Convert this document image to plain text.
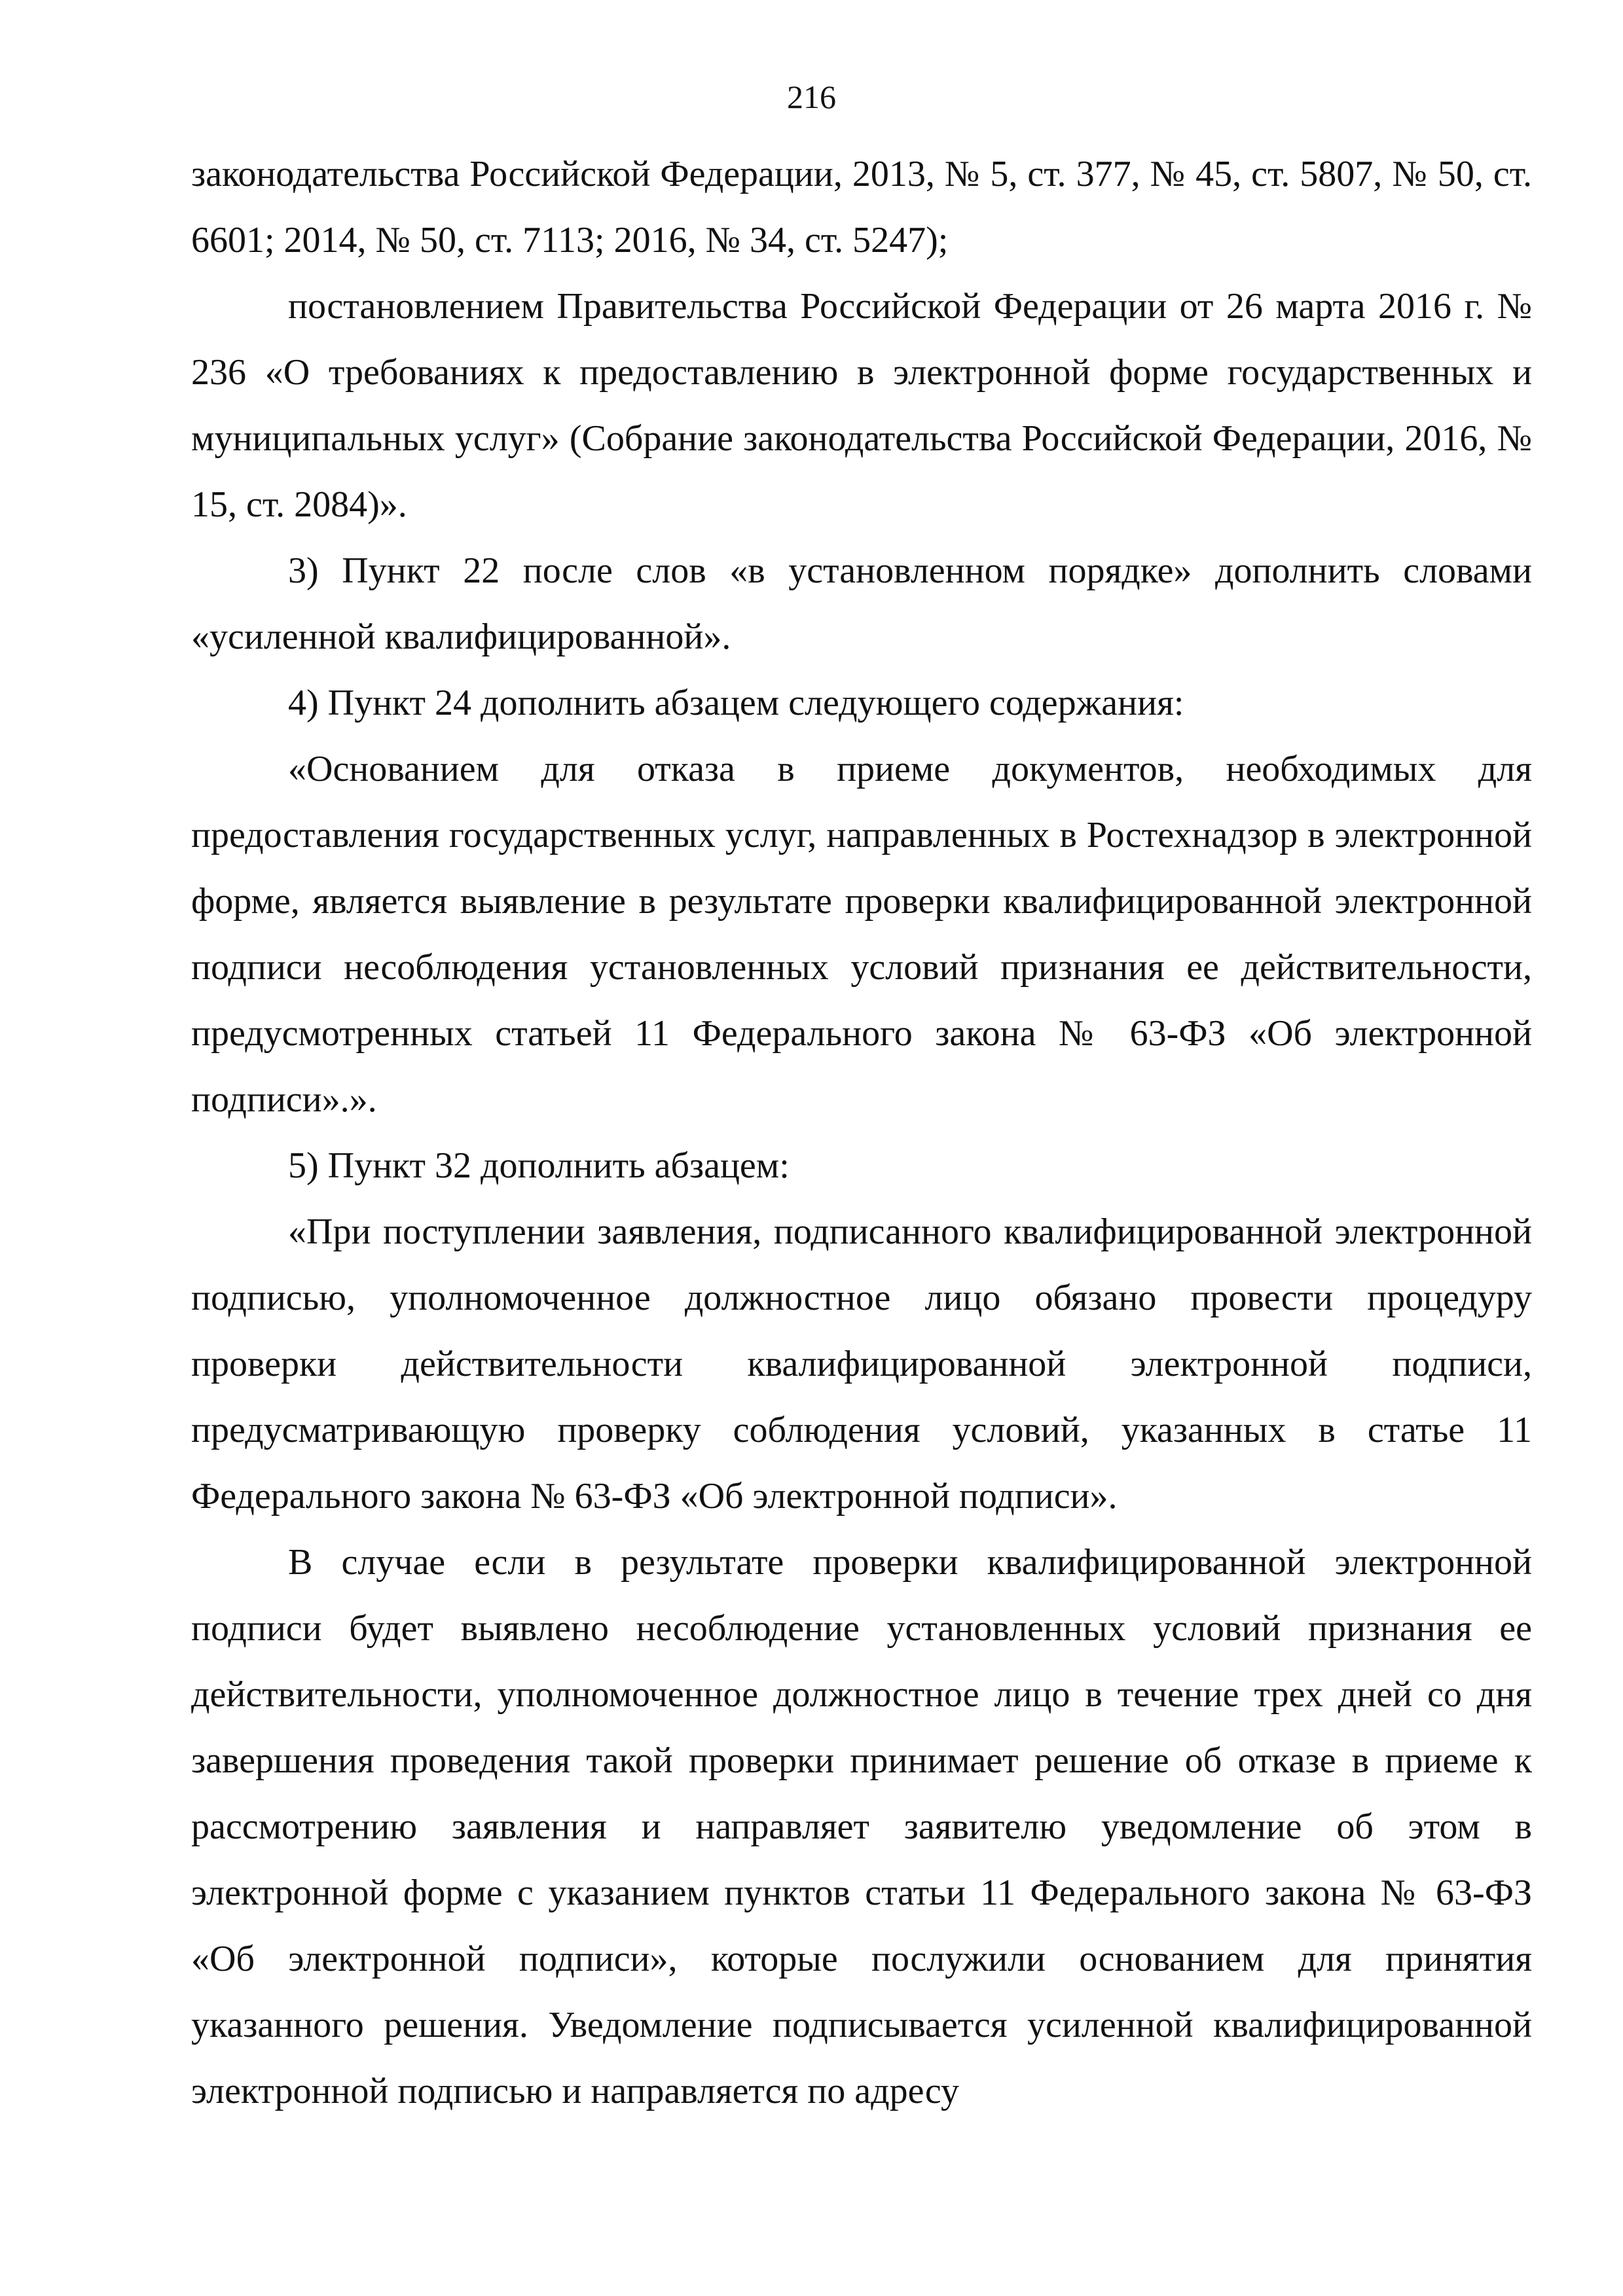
216

законодательства Российской Федерации, 2013, № 5, ст. 377, № 45, ст. 5807, № 50, ст. 6601; 2014, № 50, ст. 7113; 2016, № 34, ст. 5247);

постановлением Правительства Российской Федерации от 26 марта 2016 г. № 236 «О требованиях к предоставлению в электронной форме государственных и муниципальных услуг» (Собрание законодательства Российской Федерации, 2016, № 15, ст. 2084)».

3) Пункт 22 после слов «в установленном порядке» дополнить словами «усиленной квалифицированной».

4) Пункт 24 дополнить абзацем следующего содержания:

«Основанием для отказа в приеме документов, необходимых для предоставления государственных услуг, направленных в Ростехнадзор в электронной форме, является выявление в результате проверки квалифицированной электронной подписи несоблюдения установленных условий признания ее действительности, предусмотренных статьей 11 Федерального закона № 63-ФЗ «Об электронной подписи».».

5) Пункт 32 дополнить абзацем:

«При поступлении заявления, подписанного квалифицированной электронной подписью, уполномоченное должностное лицо обязано провести процедуру проверки действительности квалифицированной электронной подписи, предусматривающую проверку соблюдения условий, указанных в статье 11 Федерального закона № 63-ФЗ «Об электронной подписи».

В случае если в результате проверки квалифицированной электронной подписи будет выявлено несоблюдение установленных условий признания ее действительности, уполномоченное должностное лицо в течение трех дней со дня завершения проведения такой проверки принимает решение об отказе в приеме к рассмотрению заявления и направляет заявителю уведомление об этом в электронной форме с указанием пунктов статьи 11 Федерального закона № 63-ФЗ «Об электронной подписи», которые послужили основанием для принятия указанного решения. Уведомление подписывается усиленной квалифицированной электронной подписью и направляется по адресу
